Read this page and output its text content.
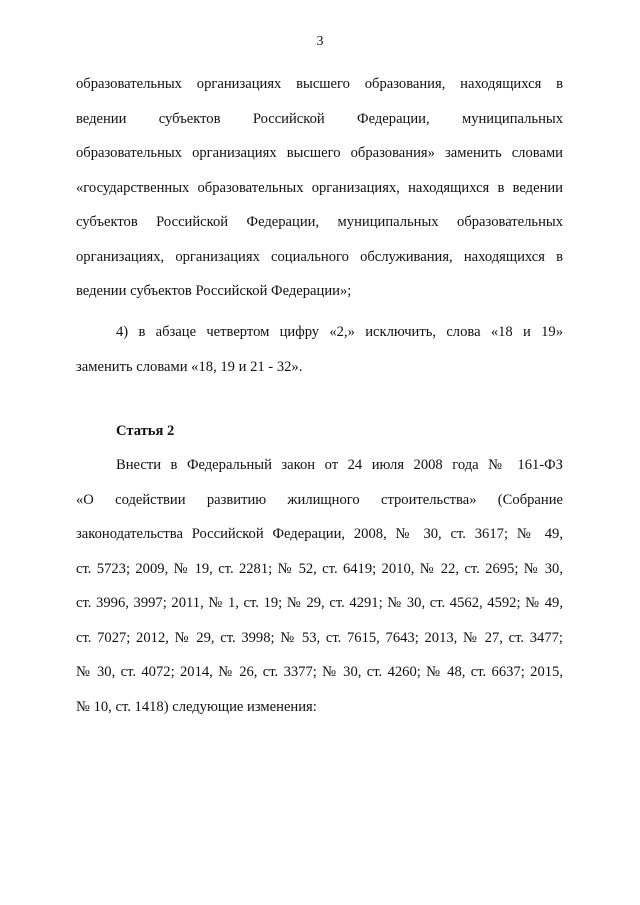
3
образовательных организациях высшего образования, находящихся в
ведении субъектов Российской Федерации, муниципальных
образовательных организациях высшего образования» заменить словами
«государственных образовательных организациях, находящихся в ведении
субъектов Российской Федерации, муниципальных образовательных
организациях, организациях социального обслуживания, находящихся в
ведении субъектов Российской Федерации»;
4) в абзаце четвертом цифру «2,» исключить, слова «18 и 19»
заменить словами «18, 19 и 21 - 32».
Статья 2
Внести в Федеральный закон от 24 июля 2008 года № 161-ФЗ
«О содействии развитию жилищного строительства» (Собрание
законодательства Российской Федерации, 2008, № 30, ст. 3617; № 49,
ст. 5723; 2009, № 19, ст. 2281; № 52, ст. 6419; 2010, № 22, ст. 2695; № 30,
ст. 3996, 3997; 2011, № 1, ст. 19; № 29, ст. 4291; № 30, ст. 4562, 4592; № 49,
ст. 7027; 2012, № 29, ст. 3998; № 53, ст. 7615, 7643; 2013, № 27, ст. 3477;
№ 30, ст. 4072; 2014, № 26, ст. 3377; № 30, ст. 4260; № 48, ст. 6637; 2015,
№ 10, ст. 1418) следующие изменения:
